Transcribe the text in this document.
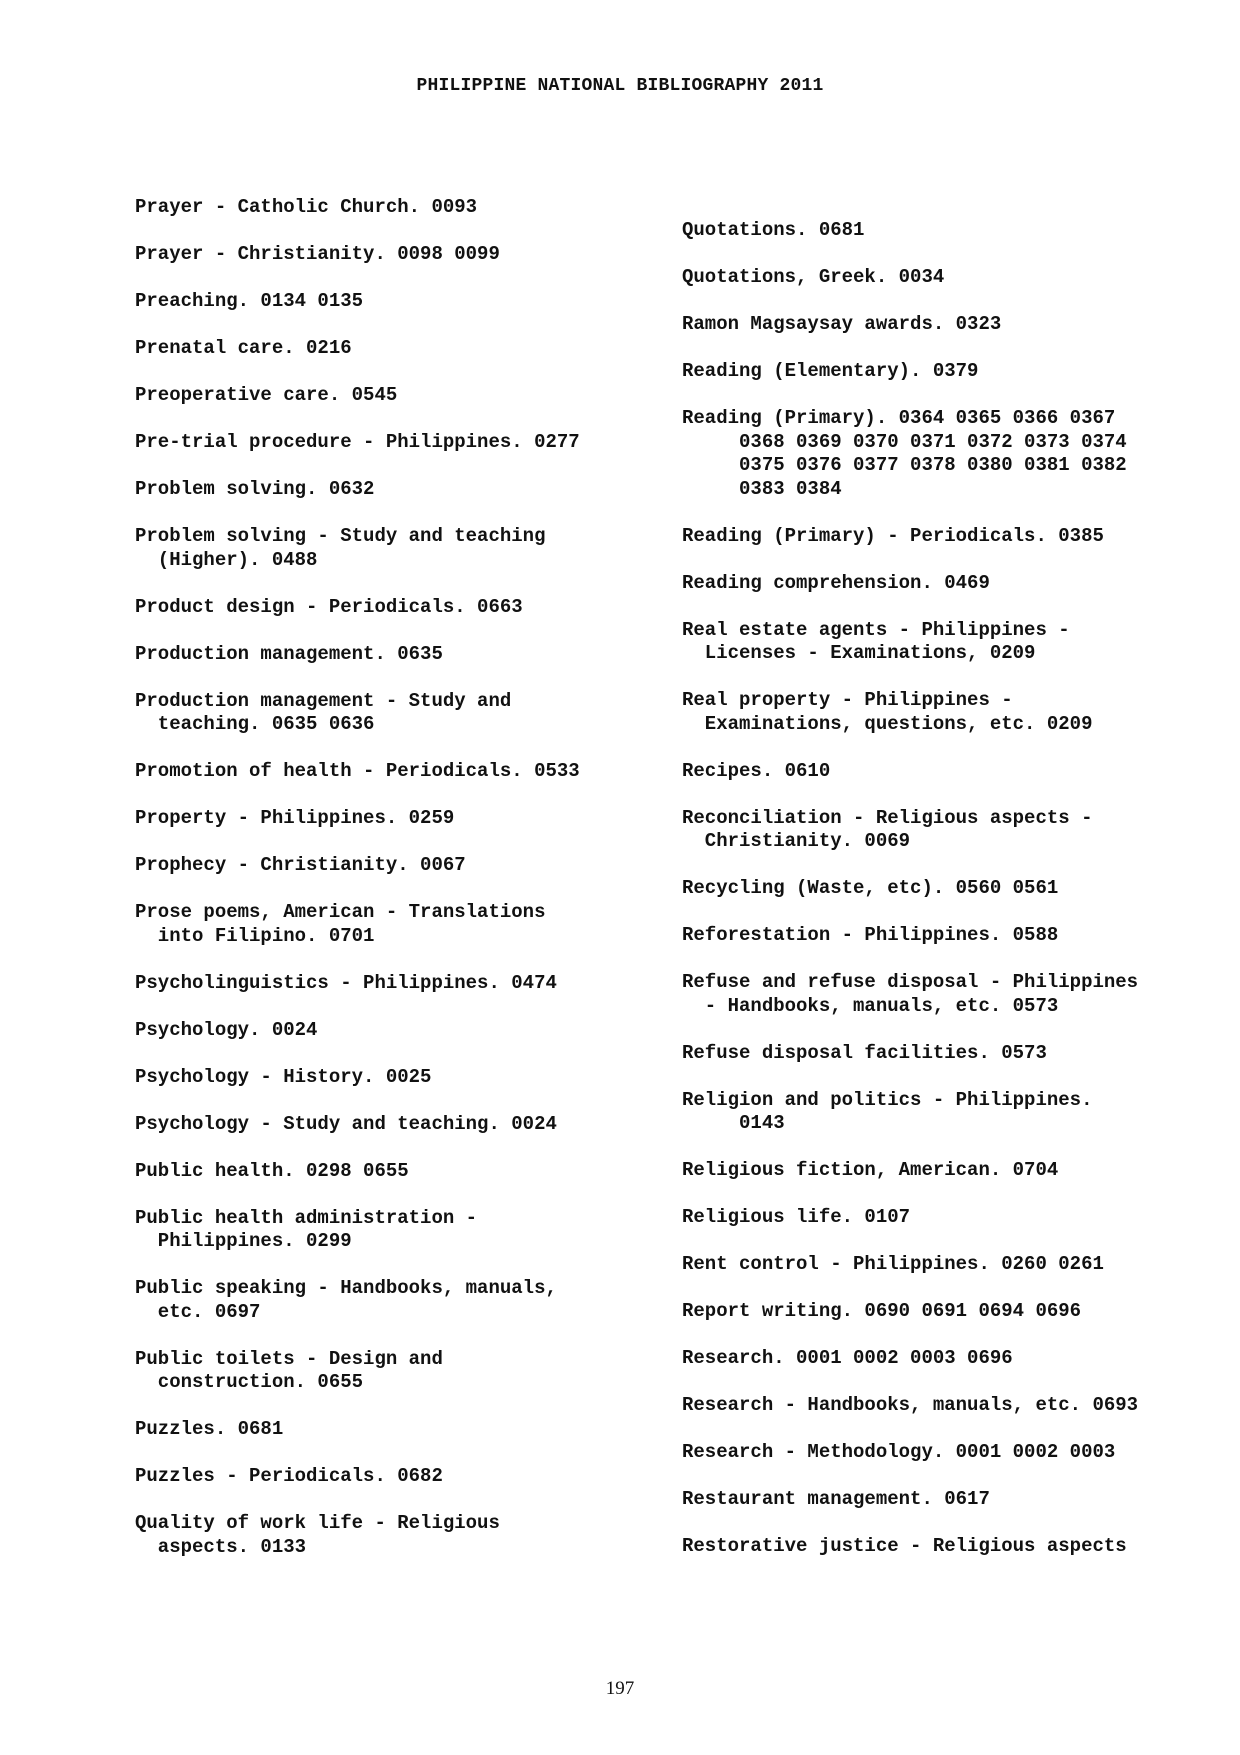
PHILIPPINE NATIONAL BIBLIOGRAPHY 2011
Prayer - Catholic Church. 0093
Prayer - Christianity. 0098 0099
Preaching. 0134 0135
Prenatal care. 0216
Preoperative care. 0545
Pre-trial procedure - Philippines. 0277
Problem solving. 0632
Problem solving - Study and teaching
(Higher). 0488
Product design - Periodicals. 0663
Production management. 0635
Production management - Study and
teaching. 0635 0636
Promotion of health - Periodicals. 0533
Property - Philippines. 0259
Prophecy - Christianity. 0067
Prose poems, American - Translations
into Filipino. 0701
Psycholinguistics - Philippines. 0474
Psychology. 0024
Psychology - History. 0025
Psychology - Study and teaching. 0024
Public health. 0298 0655
Public health administration -
Philippines. 0299
Public speaking - Handbooks, manuals,
etc. 0697
Public toilets - Design and
construction. 0655
Puzzles. 0681
Puzzles - Periodicals. 0682
Quality of work life - Religious
aspects. 0133
Quotations. 0681
Quotations, Greek. 0034
Ramon Magsaysay awards. 0323
Reading (Elementary). 0379
Reading (Primary). 0364 0365 0366 0367
0368 0369 0370 0371 0372 0373 0374
0375 0376 0377 0378 0380 0381 0382
0383 0384
Reading (Primary) - Periodicals. 0385
Reading comprehension. 0469
Real estate agents - Philippines -
Licenses - Examinations, 0209
Real property - Philippines -
Examinations, questions, etc. 0209
Recipes. 0610
Reconciliation - Religious aspects -
Christianity. 0069
Recycling (Waste, etc). 0560 0561
Reforestation - Philippines. 0588
Refuse and refuse disposal - Philippines
- Handbooks, manuals, etc. 0573
Refuse disposal facilities. 0573
Religion and politics - Philippines.
0143
Religious fiction, American. 0704
Religious life. 0107
Rent control - Philippines. 0260 0261
Report writing. 0690 0691 0694 0696
Research. 0001 0002 0003 0696
Research - Handbooks, manuals, etc. 0693
Research - Methodology. 0001 0002 0003
Restaurant management. 0617
Restorative justice - Religious aspects
197
